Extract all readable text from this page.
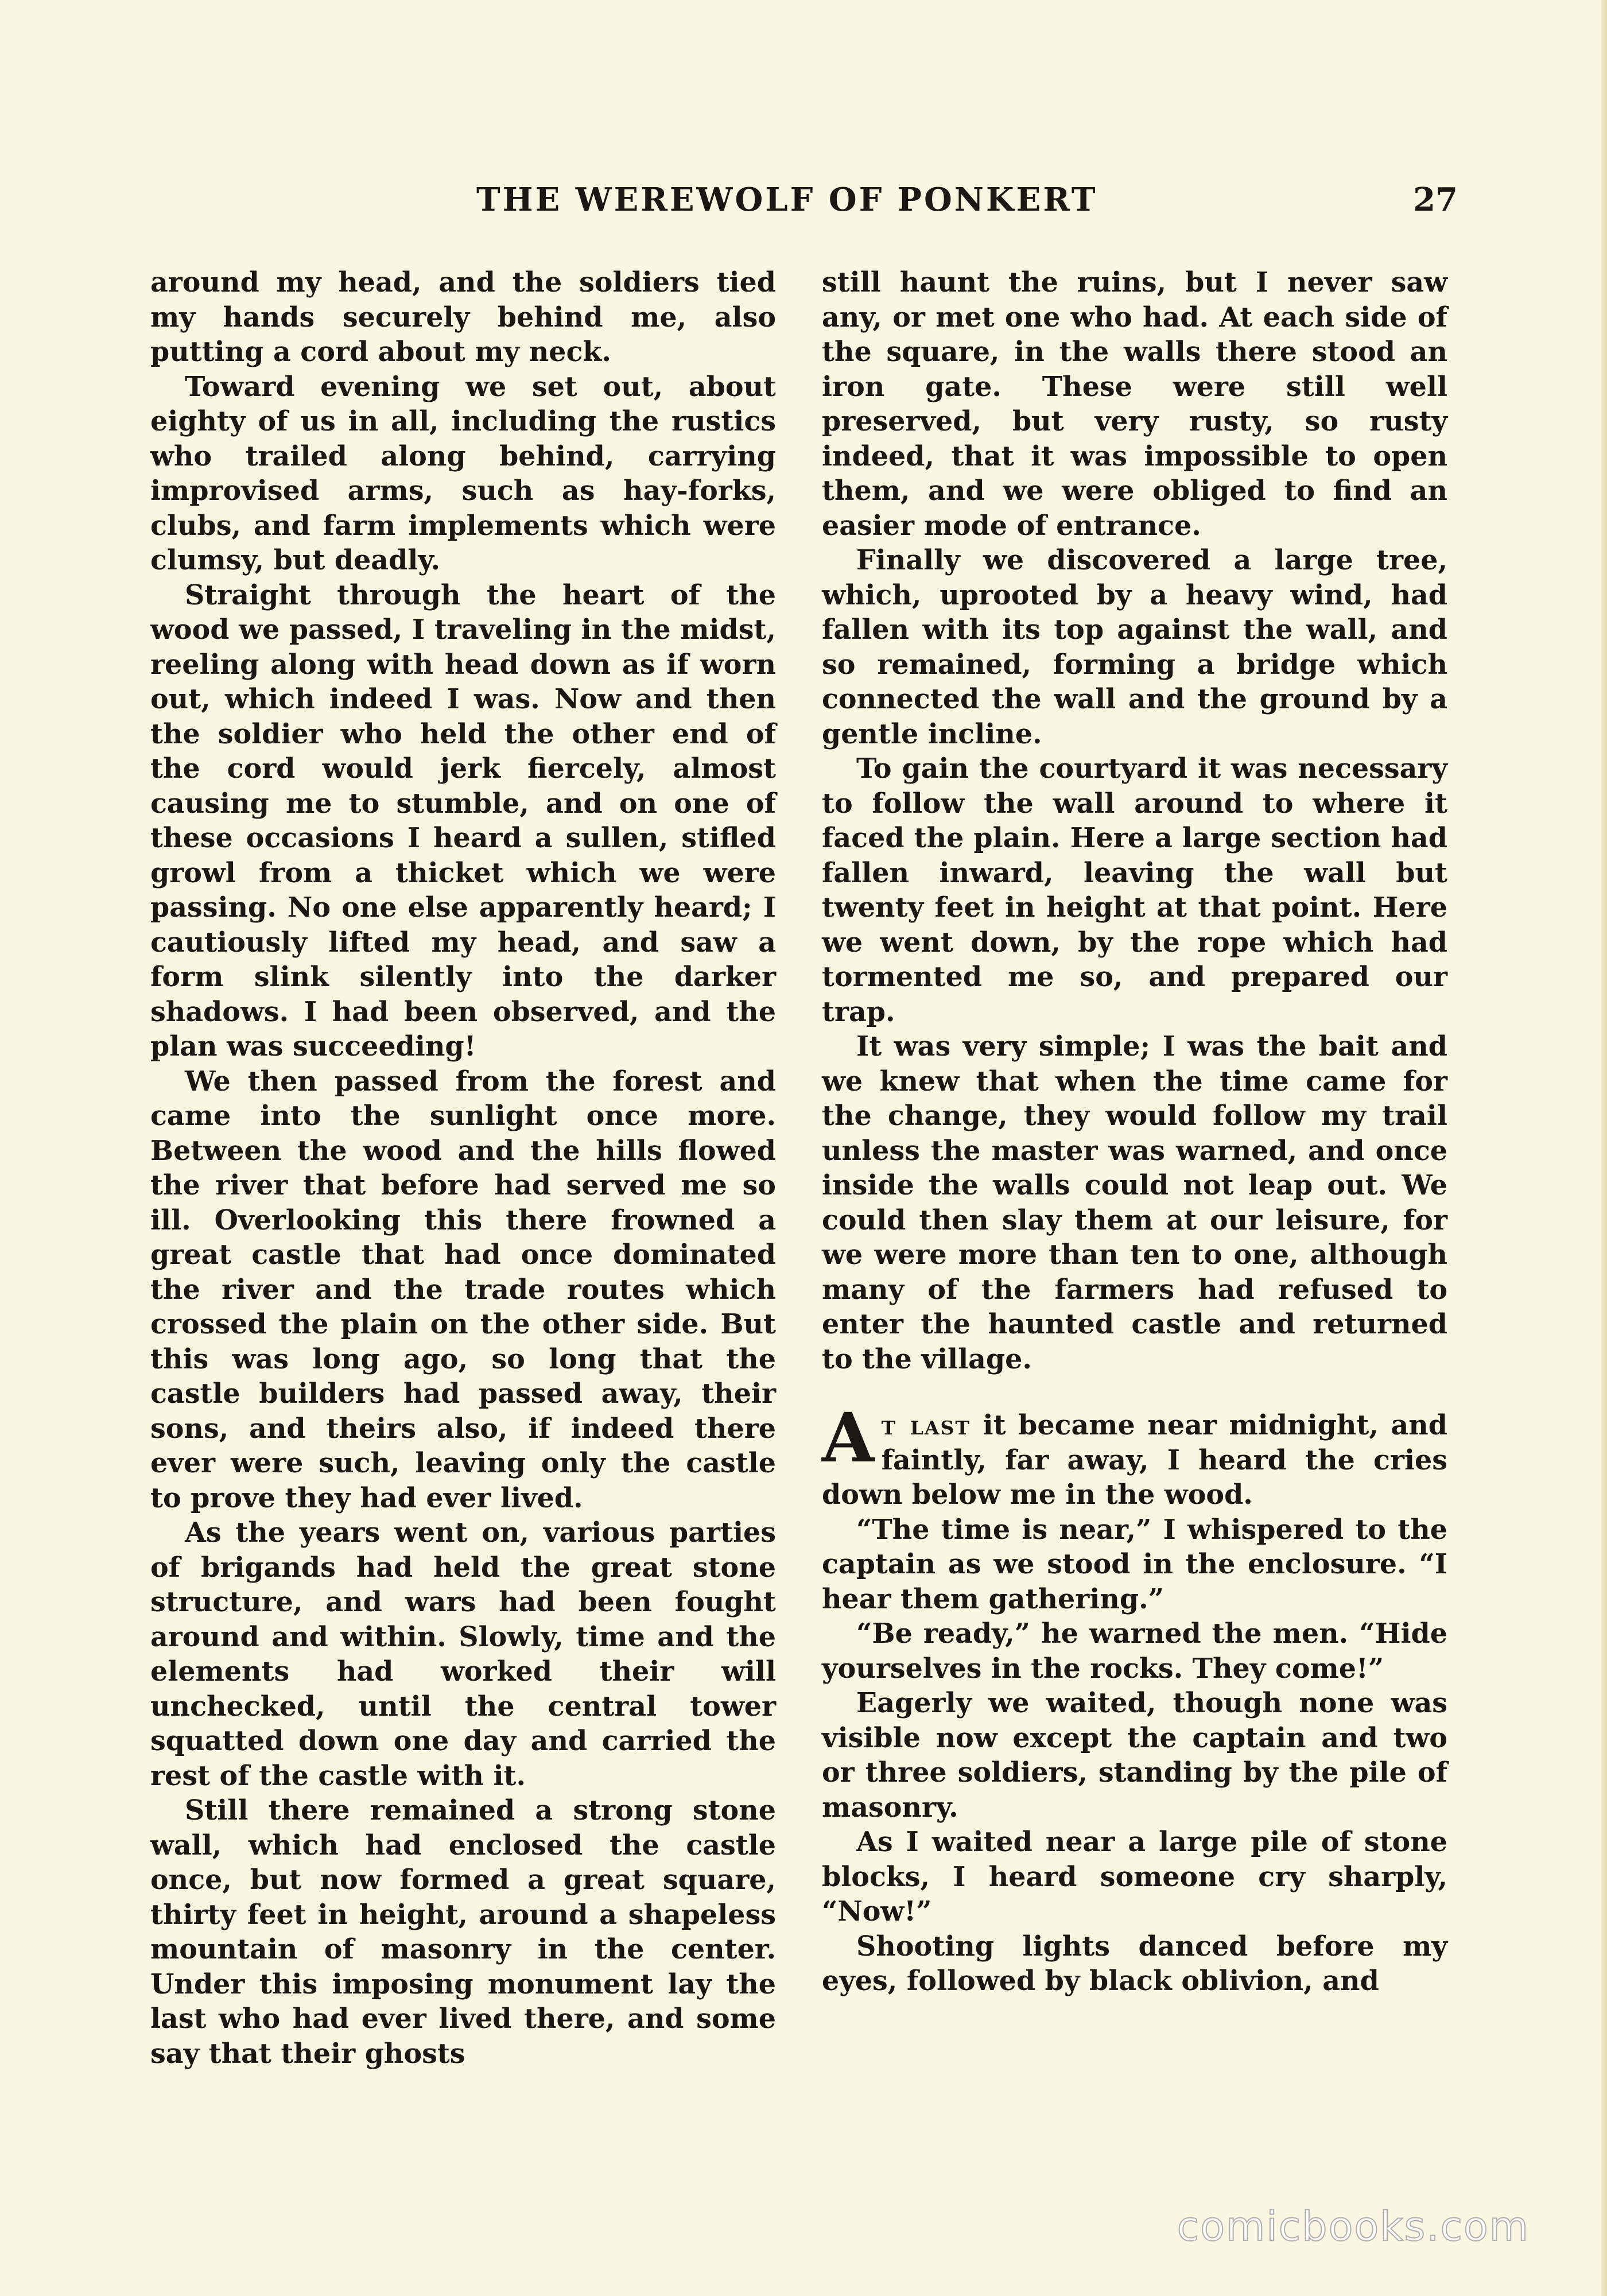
THE WEREWOLF OF PONKERT	27

around my head, and the soldiers tied my hands securely behind me, also putting a cord about my neck.

Toward evening we set out, about eighty of us in all, including the rustics who trailed along behind, carrying improvised arms, such as hay-forks, clubs, and farm implements which were clumsy, but deadly.

Straight through the heart of the wood we passed, I traveling in the midst, reeling along with head down as if worn out, which indeed I was. Now and then the soldier who held the other end of the cord would jerk fiercely, almost causing me to stumble, and on one of these occasions I heard a sullen, stifled growl from a thicket which we were passing. No one else apparently heard; I cautiously lifted my head, and saw a form slink silently into the darker shadows. I had been observed, and the plan was succeeding!

We then passed from the forest and came into the sunlight once more. Between the wood and the hills flowed the river that before had served me so ill. Overlooking this there frowned a great castle that had once dominated the river and the trade routes which crossed the plain on the other side. But this was long ago, so long that the castle builders had passed away, their sons, and theirs also, if indeed there ever were such, leaving only the castle to prove they had ever lived.

As the years went on, various parties of brigands had held the great stone structure, and wars had been fought around and within. Slowly, time and the elements had worked their will unchecked, until the central tower squatted down one day and carried the rest of the castle with it.

Still there remained a strong stone wall, which had enclosed the castle once, but now formed a great square, thirty feet in height, around a shapeless mountain of masonry in the center. Under this imposing monument lay the last who had ever lived there, and some say that their ghosts

still haunt the ruins, but I never saw any, or met one who had. At each side of the square, in the walls there stood an iron gate. These were still well preserved, but very rusty, so rusty indeed, that it was impossible to open them, and we were obliged to find an easier mode of entrance.

Finally we discovered a large tree, which, uprooted by a heavy wind, had fallen with its top against the wall, and so remained, forming a bridge which connected the wall and the ground by a gentle incline.

To gain the courtyard it was necessary to follow the wall around to where it faced the plain. Here a large section had fallen inward, leaving the wall but twenty feet in height at that point. Here we went down, by the rope which had tormented me so, and prepared our trap.

It was very simple; I was the bait and we knew that when the time came for the change, they would follow my trail unless the master was warned, and once inside the walls could not leap out. We could then slay them at our leisure, for we were more than ten to one, although many of the farmers had refused to enter the haunted castle and returned to the village.

At last it became near midnight, and faintly, far away, I heard the cries down below me in the wood.

“The time is near,” I whispered to the captain as we stood in the enclosure. “I hear them gathering.”

“Be ready,” he warned the men. “Hide yourselves in the rocks. They come!”

Eagerly we waited, though none was visible now except the captain and two or three soldiers, standing by the pile of masonry.

As I waited near a large pile of stone blocks, I heard someone cry sharply, “Now!”

Shooting lights danced before my eyes, followed by black oblivion, and

comicbooks.com
